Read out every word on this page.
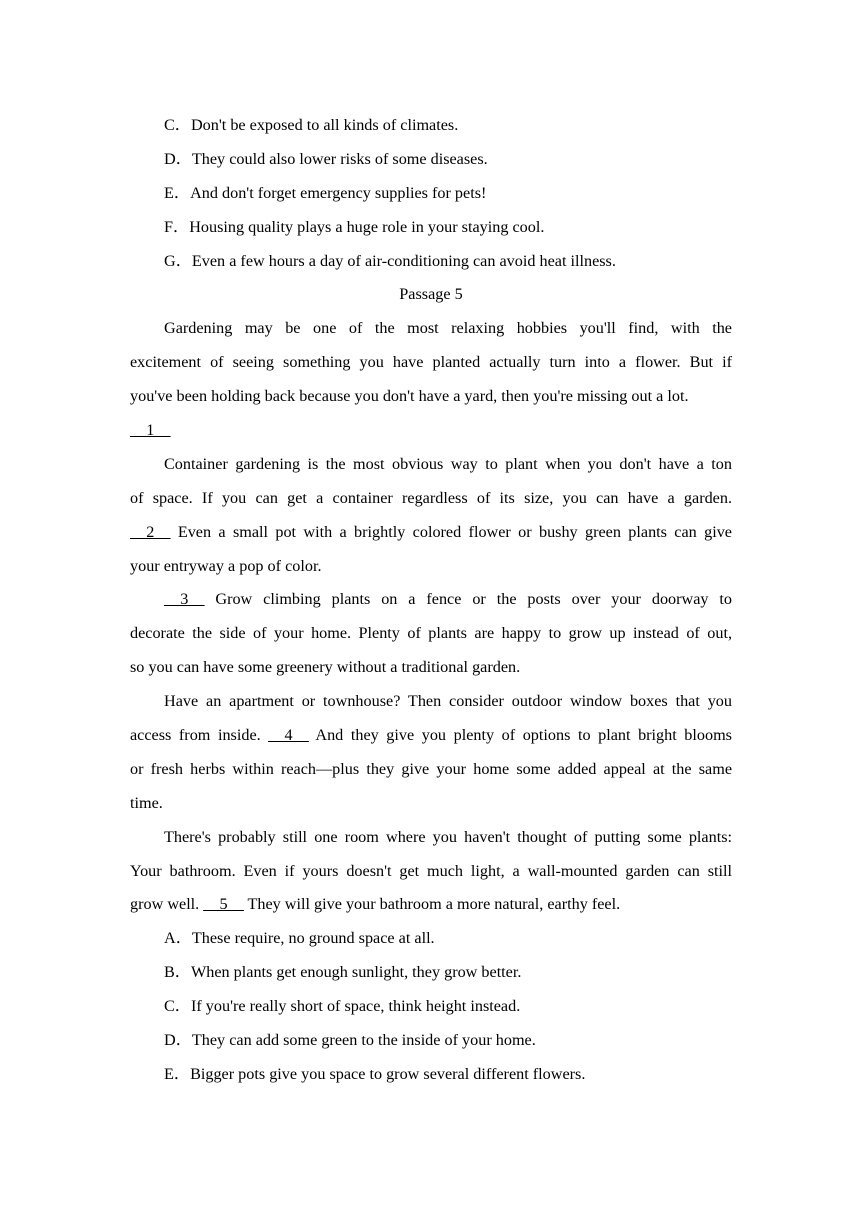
C．Don't be exposed to all kinds of climates.
D．They could also lower risks of some diseases.
E．And don't forget emergency supplies for pets!
F．Housing quality plays a huge role in your staying cool.
G．Even a few hours a day of air-conditioning can avoid heat illness.
Passage 5
Gardening may be one of the most relaxing hobbies you'll find, with the
excitement of seeing something you have planted actually turn into a flower. But if
you've been holding back because you don't have a yard, then you're missing out a lot.
__1__
Container gardening is the most obvious way to plant when you don't have a ton
of space. If you can get a container regardless of its size, you can have a garden.
__2__ Even a small pot with a brightly colored flower or bushy green plants can give
your entryway a pop of color.
__3__ Grow climbing plants on a fence or the posts over your doorway to
decorate the side of your home. Plenty of plants are happy to grow up instead of out,
so you can have some greenery without a traditional garden.
Have an apartment or townhouse? Then consider outdoor window boxes that you
access from inside. __4__ And they give you plenty of options to plant bright blooms
or fresh herbs within reach—plus they give your home some added appeal at the same
time.
There's probably still one room where you haven't thought of putting some plants:
Your bathroom. Even if yours doesn't get much light, a wall-mounted garden can still
grow well. __5__ They will give your bathroom a more natural, earthy feel.
A．These require, no ground space at all.
B．When plants get enough sunlight, they grow better.
C．If you're really short of space, think height instead.
D．They can add some green to the inside of your home.
E．Bigger pots give you space to grow several different flowers.
